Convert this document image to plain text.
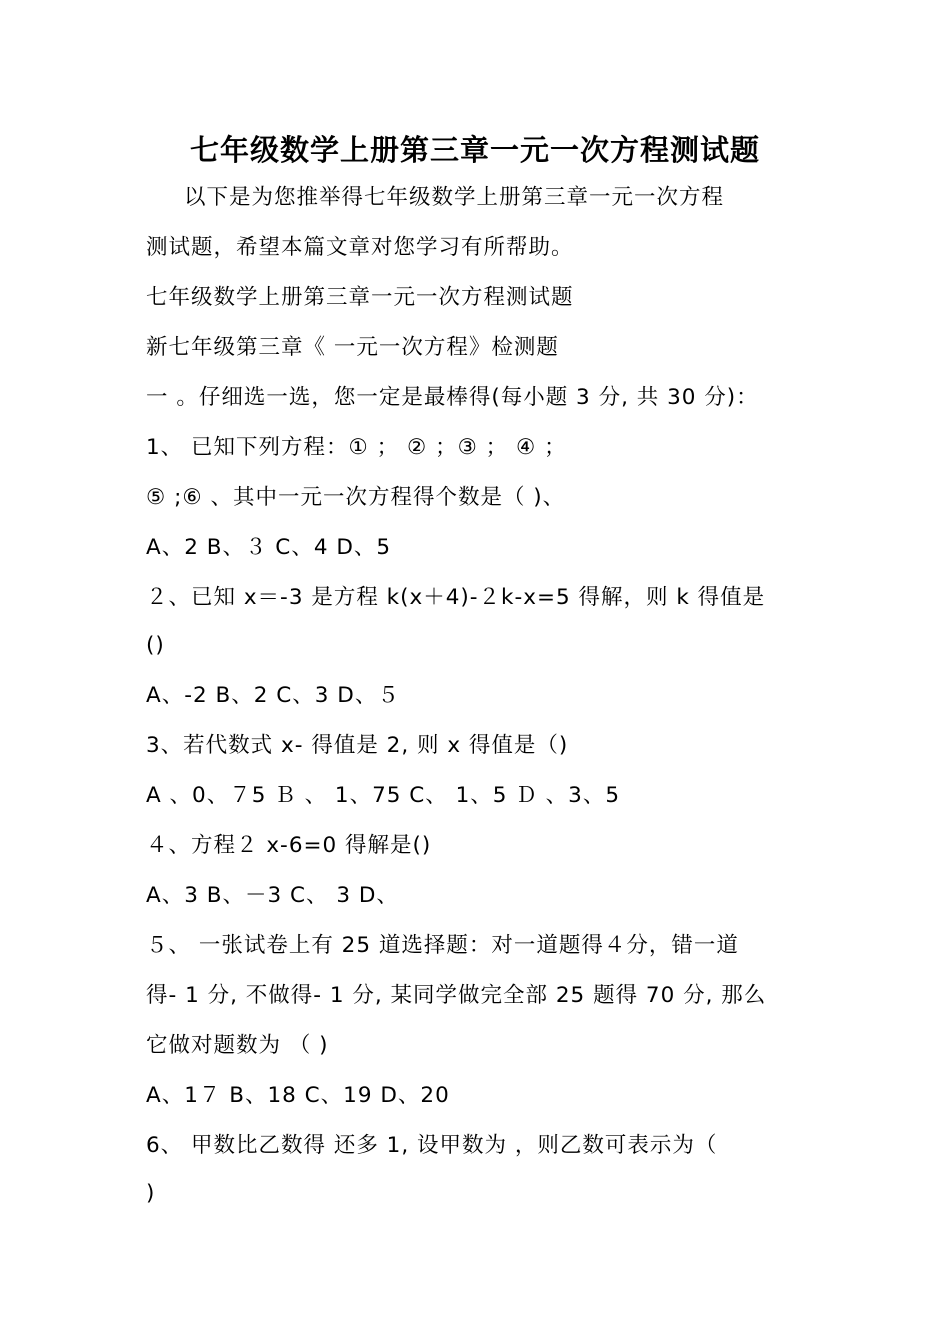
七年级数学上册第三章一元一次方程测试题
以下是为您推举得七年级数学上册第三章一元一次方程
测试题，希望本篇文章对您学习有所帮助。
七年级数学上册第三章一元一次方程测试题
新七年级第三章《 一元一次方程》检测题
一 。仔细选一选，您一定是最棒得(每小题 3 分, 共 30 分)：
1、 已知下列方程：① ； ② ；③ ； ④ ；
⑤ ;⑥ 、其中一元一次方程得个数是（ )、
A、2 B、３ C、4 D、5
２、已知 x＝-3 是方程 k(x＋4)-２k-x=5 得解，则 k 得值是
()
A、-2 B、2 C、3 D、５
3、若代数式 x- 得值是 2, 则 x 得值是（)
A 、0、７5 Ｂ 、 1、75 C、 1、5 Ｄ 、3、5
４、方程２ x-6=0 得解是()
A、3 B、－3 C、 3 D、
５、 一张试卷上有 25 道选择题：对一道题得４分，错一道
得- 1 分, 不做得- 1 分, 某同学做完全部 25 题得 70 分, 那么
它做对题数为 （ )
A、1７ B、18 C、19 D、20
6、 甲数比乙数得 还多 1, 设甲数为 ，则乙数可表示为（
)
